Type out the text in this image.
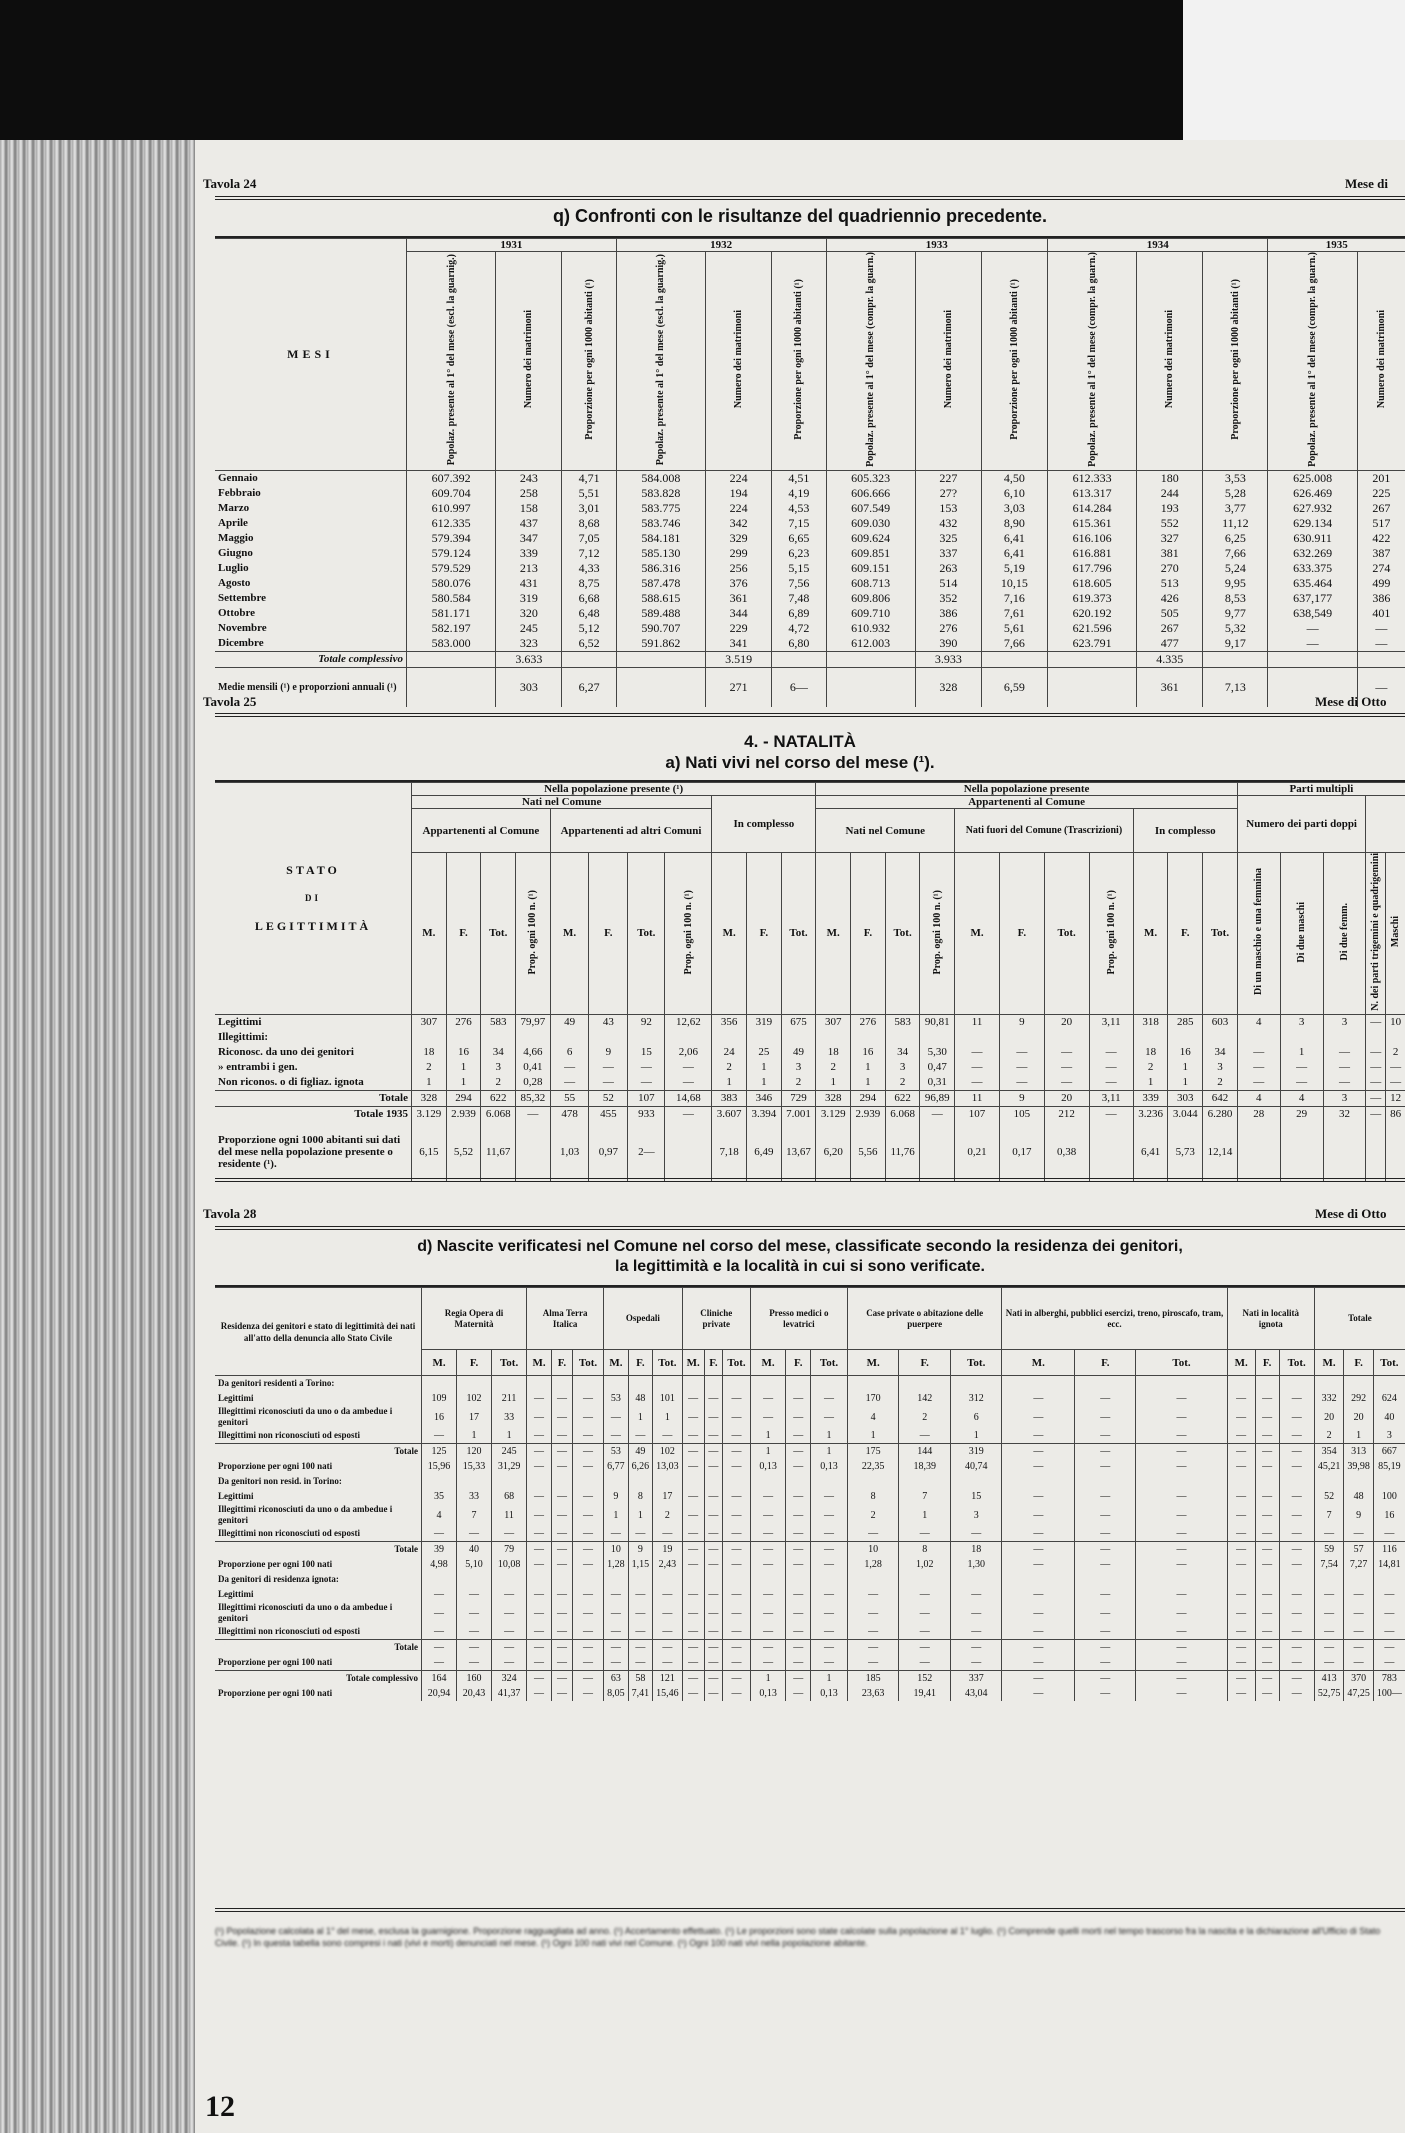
Tavola 24	Mese di
q) Confronti con le risultanze del quadriennio precedente.
MESI	1931			1932			1933			1934			1935	
	Popolaz. presente al 1° del mese (escl. la guarnig.)	Numero dei matrimoni	Proporzione per ogni 1000 abitanti (¹)	Popolaz. presente al 1° del mese (escl. la guarnig.)	Numero dei matrimoni	Proporzione per ogni 1000 abitanti (¹)	Popolaz. presente al 1° del mese (compr. la guarn.)	Numero dei matrimoni	Proporzione per ogni 1000 abitanti (¹)	Popolaz. presente al 1° del mese (compr. la guarn.)	Numero dei matrimoni	Proporzione per ogni 1000 abitanti (¹)	Popolaz. presente al 1° del mese (compr. la guarn.)	Numero dei matrimoni
Gennaio	607.392	243	4,71	584.008	224	4,51	605.323	227	4,50	612.333	180	3,53	625.008	201
Febbraio	609.704	258	5,51	583.828	194	4,19	606.666	27?	6,10	613.317	244	5,28	626.469	225
Marzo	610.997	158	3,01	583.775	224	4,53	607.549	153	3,03	614.284	193	3,77	627.932	267
Aprile	612.335	437	8,68	583.746	342	7,15	609.030	432	8,90	615.361	552	11,12	629.134	517
Maggio	579.394	347	7,05	584.181	329	6,65	609.624	325	6,41	616.106	327	6,25	630.911	422
Giugno	579.124	339	7,12	585.130	299	6,23	609.851	337	6,41	616.881	381	7,66	632.269	387
Luglio	579.529	213	4,33	586.316	256	5,15	609.151	263	5,19	617.796	270	5,24	633.375	274
Agosto	580.076	431	8,75	587.478	376	7,56	608.713	514	10,15	618.605	513	9,95	635.464	499
Settembre	580.584	319	6,68	588.615	361	7,48	609.806	352	7,16	619.373	426	8,53	637,177	386
Ottobre	581.171	320	6,48	589.488	344	6,89	609.710	386	7,61	620.192	505	9,77	638,549	401
Novembre	582.197	245	5,12	590.707	229	4,72	610.932	276	5,61	621.596	267	5,32	—	—
Dicembre	583.000	323	6,52	591.862	341	6,80	612.003	390	7,66	623.791	477	9,17	—	—
Totale complessivo		3.633			3.519			3.933			4.335			
Medie mensili (¹) e proporzioni annuali (¹)		303	6,27		271	6—		328	6,59		361	7,13		—
Tavola 25	Mese di Otto
4. - NATALITÀ
a) Nati vivi nel corso del mese (¹).
STATO
DI
LEGITTIMITÀ	Nella popolazione presente (¹)											Nella popolazione presente											Parti multipli				
	Nati nel Comune								In complesso			Appartenenti al Comune											Numero dei parti doppi				
	Appartenenti al Comune				Appartenenti ad altri Comuni							Nati nel Comune				Nati fuori del Comune (Trascrizioni)				In complesso							
	M.	F.	Tot.	Prop. ogni 100 n. (¹)	M.	F.	Tot.	Prop. ogni 100 n. (¹)	M.	F.	Tot.	M.	F.	Tot.	Prop. ogni 100 n. (¹)	M.	F.	Tot.	Prop. ogni 100 n. (¹)	M.	F.	Tot.	Di un maschio e una femmina	Di due maschi	Di due femm.	N. dei parti trigemini e quadrigemini	Maschi
Legittimi	307	276	583	79,97	49	43	92	12,62	356	319	675	307	276	583	90,81	11	9	20	3,11	318	285	603	4	3	3	—	10
Illegittimi:																											
Riconosc. da uno dei genitori	18	16	34	4,66	6	9	15	2,06	24	25	49	18	16	34	5,30	—	—	—	—	18	16	34	—	1	—	—	2
» entrambi i gen.	2	1	3	0,41	—	—	—	—	2	1	3	2	1	3	0,47	—	—	—	—	2	1	3	—	—	—	—	—
Non riconos. o di figliaz. ignota	1	1	2	0,28	—	—	—	—	1	1	2	1	1	2	0,31	—	—	—	—	1	1	2	—	—	—	—	—
Totale	328	294	622	85,32	55	52	107	14,68	383	346	729	328	294	622	96,89	11	9	20	3,11	339	303	642	4	4	3	—	12
Totale 1935	3.129	2.939	6.068	—	478	455	933	—	3.607	3.394	7.001	3.129	2.939	6.068	—	107	105	212	—	3.236	3.044	6.280	28	29	32	—	86
Proporzione ogni 1000 abitanti sui dati del mese nella popolazione presente o residente (¹).	6,15	5,52	11,67		1,03	0,97	2—		7,18	6,49	13,67	6,20	5,56	11,76		0,21	0,17	0,38		6,41	5,73	12,14					
Tavola 28	Mese di Otto
d) Nascite verificatesi nel Comune nel corso del mese, classificate secondo la residenza dei genitori,
la legittimità e la località in cui si sono verificate.
Residenza dei genitori e stato di legittimità dei nati all'atto della denuncia allo Stato Civile	Regia Opera di Maternità			Alma Terra Italica			Ospedali			Cliniche private			Presso medici o levatrici			Case private o abitazione delle puerpere			Nati in alberghi, pubblici esercizi, treno, piroscafo, tram, ecc.			Nati in località ignota			Totale		
	M.	F.	Tot.	M.	F.	Tot.	M.	F.	Tot.	M.	F.	Tot.	M.	F.	Tot.	M.	F.	Tot.	M.	F.	Tot.	M.	F.	Tot.	M.	F.	Tot.
Da genitori residenti a Torino:																											
Legittimi	109	102	211	—	—	—	53	48	101	—	—	—	—	—	—	170	142	312	—	—	—	—	—	—	332	292	624
Illegittimi riconosciuti da uno o da ambedue i genitori	16	17	33	—	—	—	—	1	1	—	—	—	—	—	—	4	2	6	—	—	—	—	—	—	20	20	40
Illegittimi non riconosciuti od esposti	—	1	1	—	—	—	—	—	—	—	—	—	1	—	1	1	—	1	—	—	—	—	—	—	2	1	3
Totale	125	120	245	—	—	—	53	49	102	—	—	—	1	—	1	175	144	319	—	—	—	—	—	—	354	313	667
Proporzione per ogni 100 nati	15,96	15,33	31,29	—	—	—	6,77	6,26	13,03	—	—	—	0,13	—	0,13	22,35	18,39	40,74	—	—	—	—	—	—	45,21	39,98	85,19
Da genitori non resid. in Torino:																											
Legittimi	35	33	68	—	—	—	9	8	17	—	—	—	—	—	—	8	7	15	—	—	—	—	—	—	52	48	100
Illegittimi riconosciuti da uno o da ambedue i genitori	4	7	11	—	—	—	1	1	2	—	—	—	—	—	—	2	1	3	—	—	—	—	—	—	7	9	16
Illegittimi non riconosciuti od esposti	—	—	—	—	—	—	—	—	—	—	—	—	—	—	—	—	—	—	—	—	—	—	—	—	—	—	—
Totale	39	40	79	—	—	—	10	9	19	—	—	—	—	—	—	10	8	18	—	—	—	—	—	—	59	57	116
Proporzione per ogni 100 nati	4,98	5,10	10,08	—	—	—	1,28	1,15	2,43	—	—	—	—	—	—	1,28	1,02	1,30	—	—	—	—	—	—	7,54	7,27	14,81
Da genitori di residenza ignota:																											
Legittimi	—	—	—	—	—	—	—	—	—	—	—	—	—	—	—	—	—	—	—	—	—	—	—	—	—	—	—
Illegittimi riconosciuti da uno o da ambedue i genitori	—	—	—	—	—	—	—	—	—	—	—	—	—	—	—	—	—	—	—	—	—	—	—	—	—	—	—
Illegittimi non riconosciuti od esposti	—	—	—	—	—	—	—	—	—	—	—	—	—	—	—	—	—	—	—	—	—	—	—	—	—	—	—
Totale	—	—	—	—	—	—	—	—	—	—	—	—	—	—	—	—	—	—	—	—	—	—	—	—	—	—	—
Proporzione per ogni 100 nati	—	—	—	—	—	—	—	—	—	—	—	—	—	—	—	—	—	—	—	—	—	—	—	—	—	—	—
Totale complessivo	164	160	324	—	—	—	63	58	121	—	—	—	1	—	1	185	152	337	—	—	—	—	—	—	413	370	783
Proporzione per ogni 100 nati	20,94	20,43	41,37	—	—	—	8,05	7,41	15,46	—	—	—	0,13	—	0,13	23,63	19,41	43,04	—	—	—	—	—	—	52,75	47,25	100—
(¹) Popolazione calcolata al 1° del mese, esclusa la guarnigione. Proporzione ragguagliata ad anno. (¹) Accertamento effettuato. (¹) Le proporzioni sono state calcolate sulla popolazione al 1° luglio. (¹) Comprende quelli morti nel tempo trascorso fra la nascita e la dichiarazione all'Ufficio di Stato Civile. (¹) In questa tabella sono compresi i nati (vivi e morti) denunciati nel mese. (¹) Ogni 100 nati vivi nel Comune. (¹) Ogni 100 nati vivi nella popolazione abitante.
12
